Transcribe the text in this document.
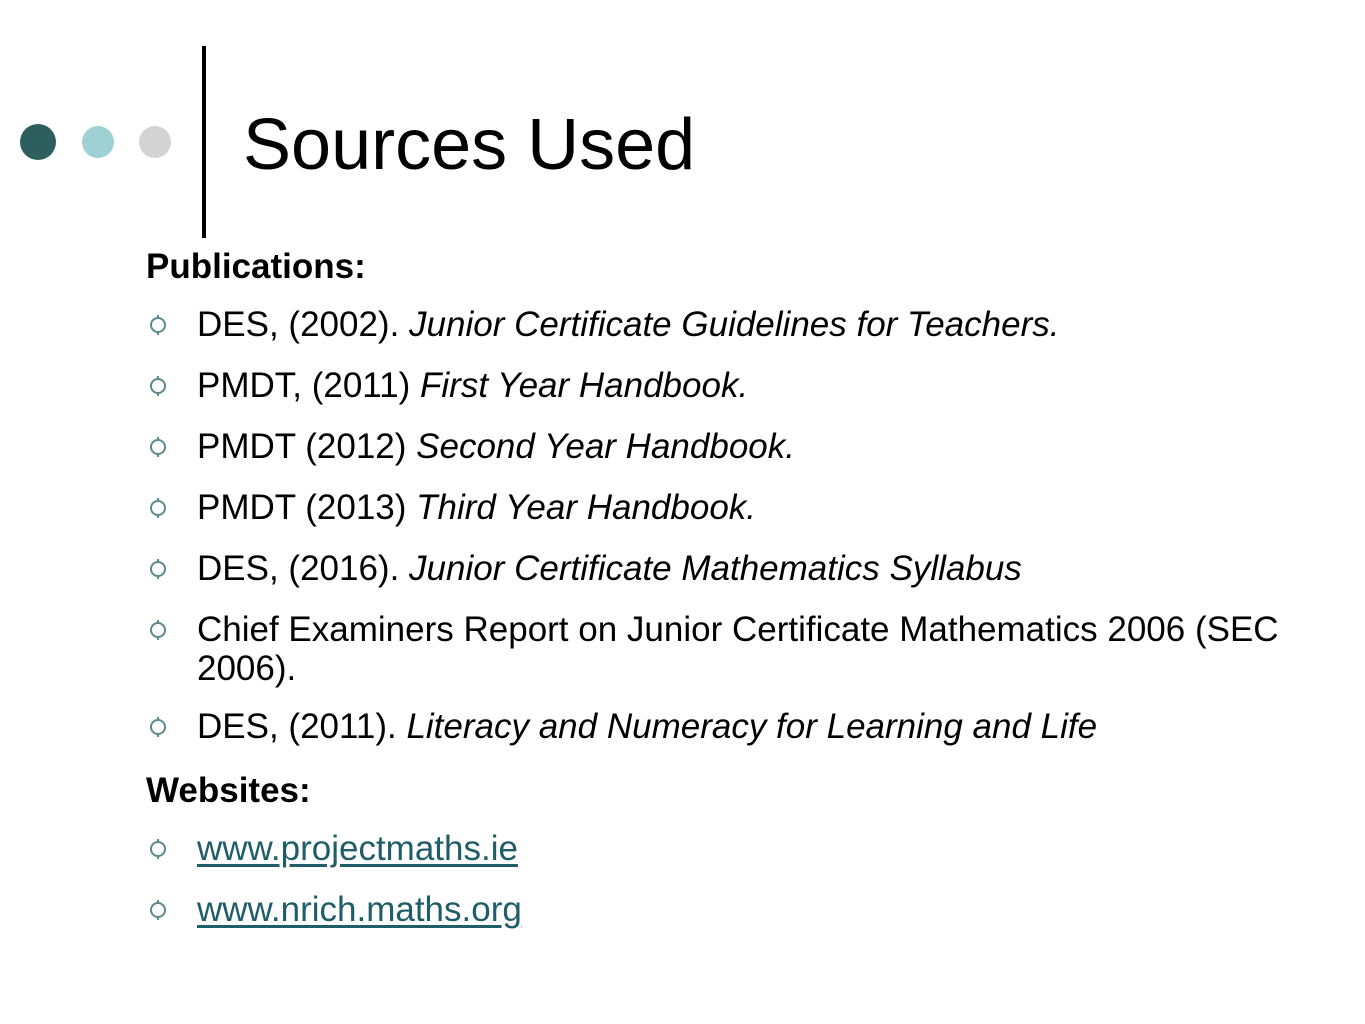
Sources Used
Publications:
DES, (2002). Junior Certificate Guidelines for Teachers.
PMDT, (2011) First Year Handbook.
PMDT (2012) Second Year Handbook.
PMDT (2013) Third Year Handbook.
DES, (2016). Junior Certificate Mathematics Syllabus
Chief Examiners Report on Junior Certificate Mathematics 2006 (SEC 2006).
DES, (2011). Literacy and Numeracy for Learning and Life
Websites:
www.projectmaths.ie
www.nrich.maths.org
